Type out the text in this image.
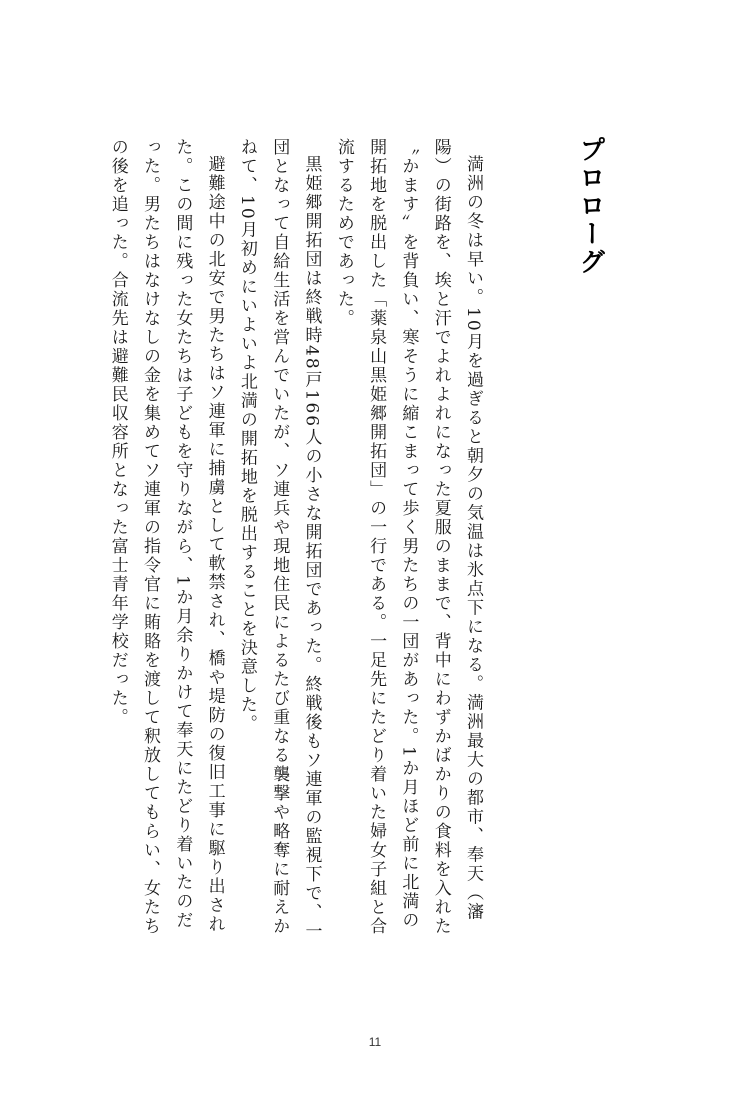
プロローグ

満洲の冬は早い。10月を過ぎると朝夕の気温は氷点下になる。満洲最大の都市、奉天（瀋陽）の街路を、埃と汗でよれよれになった夏服のままで、背中にわずかばかりの食料を入れた〝かます〟を背負い、寒そうに縮こまって歩く男たちの一団があった。1か月ほど前に北満の開拓地を脱出した「薬泉山黒姫郷開拓団」の一行である。一足先にたどり着いた婦女子組と合流するためであった。

黒姫郷開拓団は終戦時48戸166人の小さな開拓団であった。終戦後もソ連軍の監視下で、一団となって自給生活を営んでいたが、ソ連兵や現地住民によるたび重なる襲撃や略奪に耐えかねて、10月初めにいよいよ北満の開拓地を脱出することを決意した。

避難途中の北安で男たちはソ連軍に捕虜として軟禁され、橋や堤防の復旧工事に駆り出された。この間に残った女たちは子どもを守りながら、1か月余りかけて奉天にたどり着いたのだった。男たちはなけなしの金を集めてソ連軍の指令官に賄賂を渡して釈放してもらい、女たちの後を追った。合流先は避難民収容所となった富士青年学校だった。

11
